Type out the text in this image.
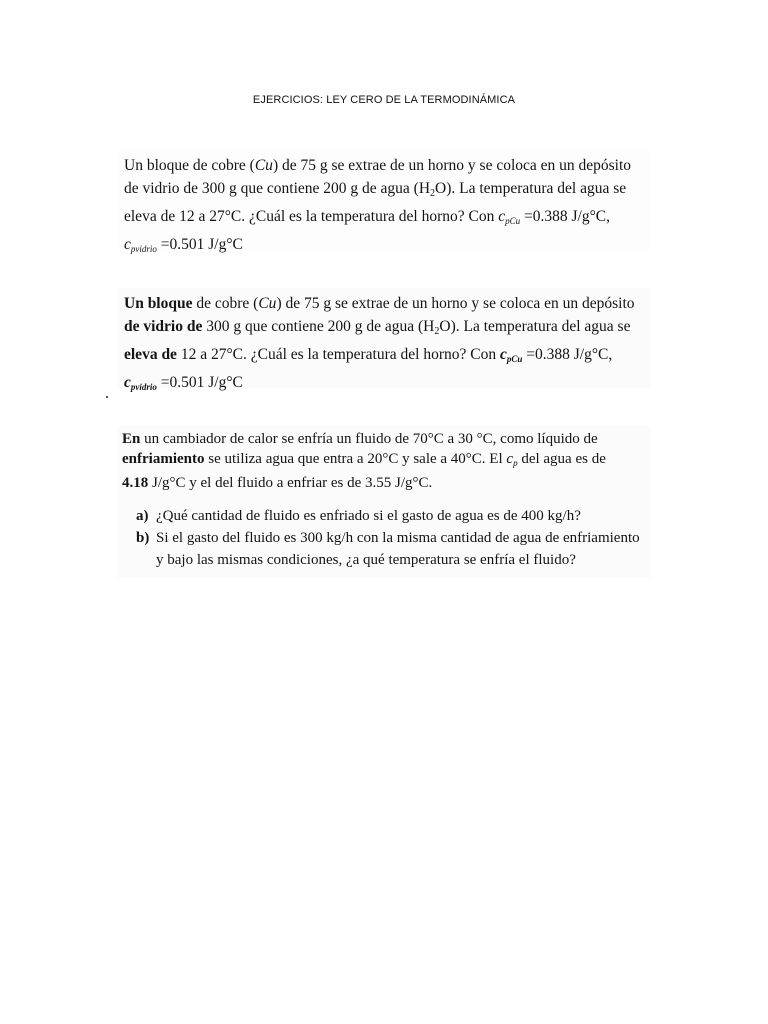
EJERCICIOS: LEY CERO DE LA TERMODINÁMICA
Un bloque de cobre (Cu) de 75 g se extrae de un horno y se coloca en un depósito
de vidrio de 300 g que contiene 200 g de agua (H2O). La temperatura del agua se
eleva de 12 a 27°C. ¿Cuál es la temperatura del horno? Con $c_{pCu} =0.388$ J/g°C,
$c_{pvidrio} =0.501$ J/g°C
Un bloque de cobre (Cu) de 75 g se extrae de un horno y se coloca en un depósito
de vidrio de 300 g que contiene 200 g de agua (H2O). La temperatura del agua se
eleva de 12 a 27°C. ¿Cuál es la temperatura del horno? Con $c_{pCu} =0.388$ J/g°C,
$c_{pvidrio} =0.501$ J/g°C
En un cambiador de calor se enfría un fluido de 70°C a 30 °C, como líquido de
enfriamiento se utiliza agua que entra a 20°C y sale a 40°C. El $c_p$ del agua es de
4.18 J/g°C y el del fluido a enfriar es de 3.55 J/g°C.
a) ¿Qué cantidad de fluido es enfriado si el gasto de agua es de 400 kg/h?
b) Si el gasto del fluido es 300 kg/h con la misma cantidad de agua de enfriamiento
y bajo las mismas condiciones, ¿a qué temperatura se enfría el fluido?
